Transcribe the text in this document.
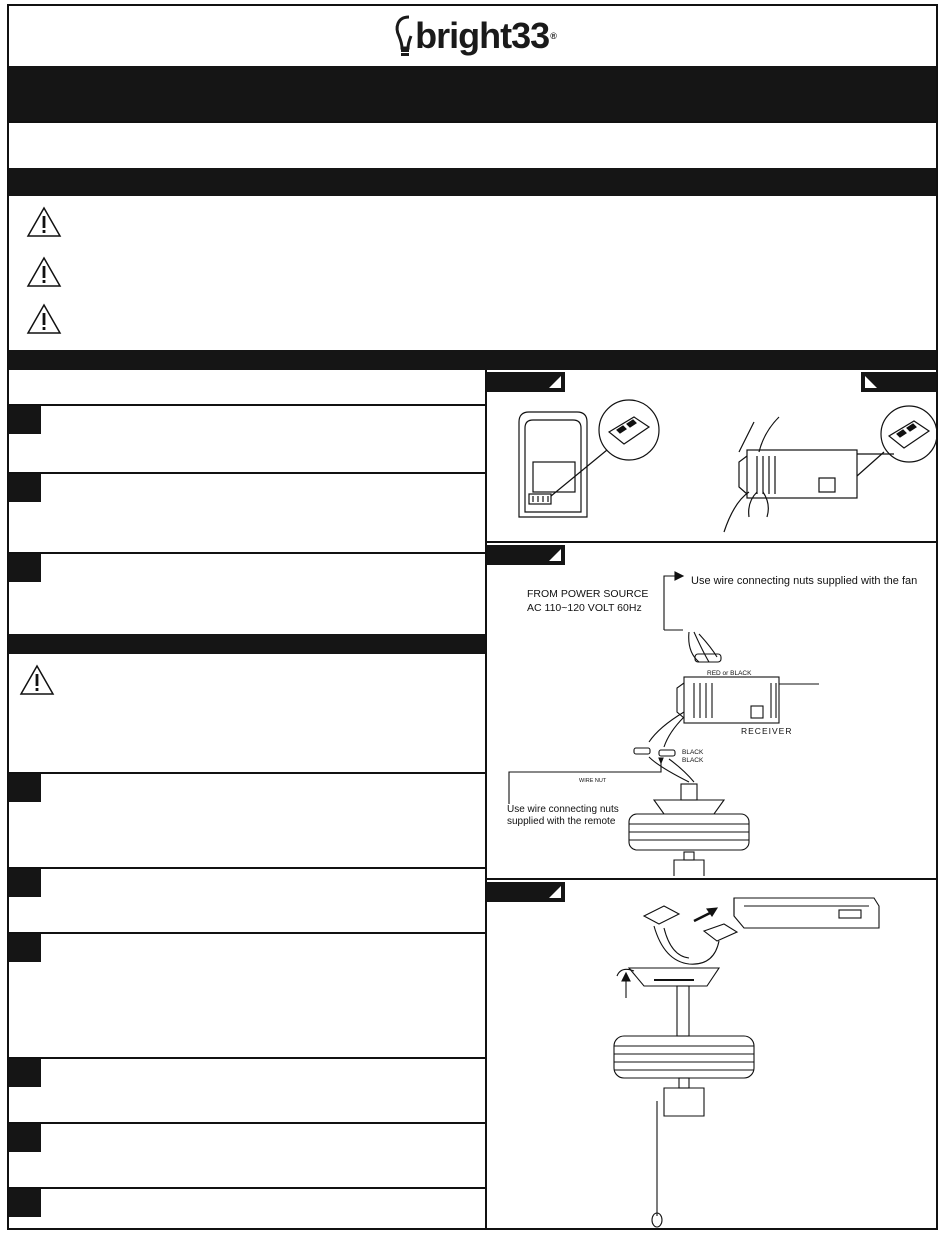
bright33 ®
Use wire connecting nuts supplied with the fan
FROM POWER SOURCE
AC 110~120 VOLT 60Hz
RED or BLACK
RECEIVER
BLACK
BLACK
WIRE NUT
Use wire connecting nuts
supplied with the remote
